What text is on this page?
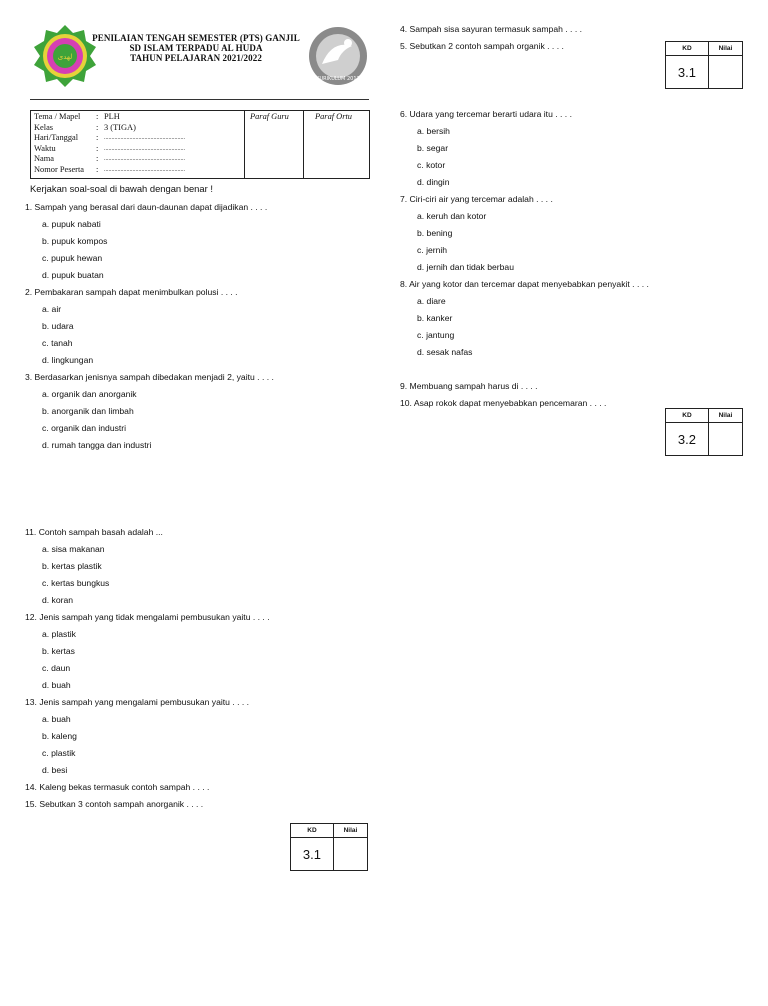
ﻟﻬﺪﻯ
PENILAIAN TENGAH SEMESTER (PTS) GANJIL
SD ISLAM TERPADU AL HUDA
TAHUN PELAJARAN 2021/2022
KURIKULUM 2013
Paraf Guru	Paraf Ortu
Tema / Mapel	: PLH
Kelas	: 3 (TIGA)
Hari/Tanggal	: ......................................................
Waktu	: ......................................................
Nama	: ......................................................
Nomor Peserta	: ......................................................
Kerjakan soal-soal di bawah dengan benar !
1. Sampah yang berasal dari daun-daunan dapat dijadikan . . . .
a. pupuk nabati
b. pupuk kompos
c. pupuk hewan
d. pupuk buatan
2. Pembakaran sampah dapat menimbulkan polusi . . . .
a. air
b. udara
c. tanah
d. lingkungan
3. Berdasarkan jenisnya sampah dibedakan menjadi 2, yaitu . . . .
a. organik dan anorganik
b. anorganik dan limbah
c. organik dan industri
d. rumah tangga dan industri
4. Sampah sisa sayuran termasuk sampah . . . .
5. Sebutkan 2 contoh sampah organik . . . .	KD	Nilai
3.1	
6. Udara yang tercemar berarti udara itu . . . .
a. bersih
b. segar
c. kotor
d. dingin
7. Ciri-ciri air yang tercemar adalah . . . .
a. keruh dan kotor
b. bening
c. jernih
d. jernih dan tidak berbau
8. Air yang kotor dan tercemar dapat menyebabkan penyakit . . . .
a. diare
b. kanker
c. jantung
d. sesak nafas
9. Membuang sampah harus di . . . .
10. Asap rokok dapat menyebabkan pencemaran . . . .
KD	Nilai
3.2	
11. Contoh sampah basah adalah ...
a. sisa makanan
b. kertas plastik
c. kertas bungkus
d. koran
12. Jenis sampah yang tidak mengalami pembusukan yaitu . . . .
a. plastik
b. kertas
c. daun
d. buah
13. Jenis sampah yang mengalami pembusukan yaitu . . . .
a. buah
b. kaleng
c. plastik
d. besi
14. Kaleng bekas termasuk contoh sampah . . . .
15. Sebutkan 3 contoh sampah anorganik . . . .
KD	Nilai
3.1	
